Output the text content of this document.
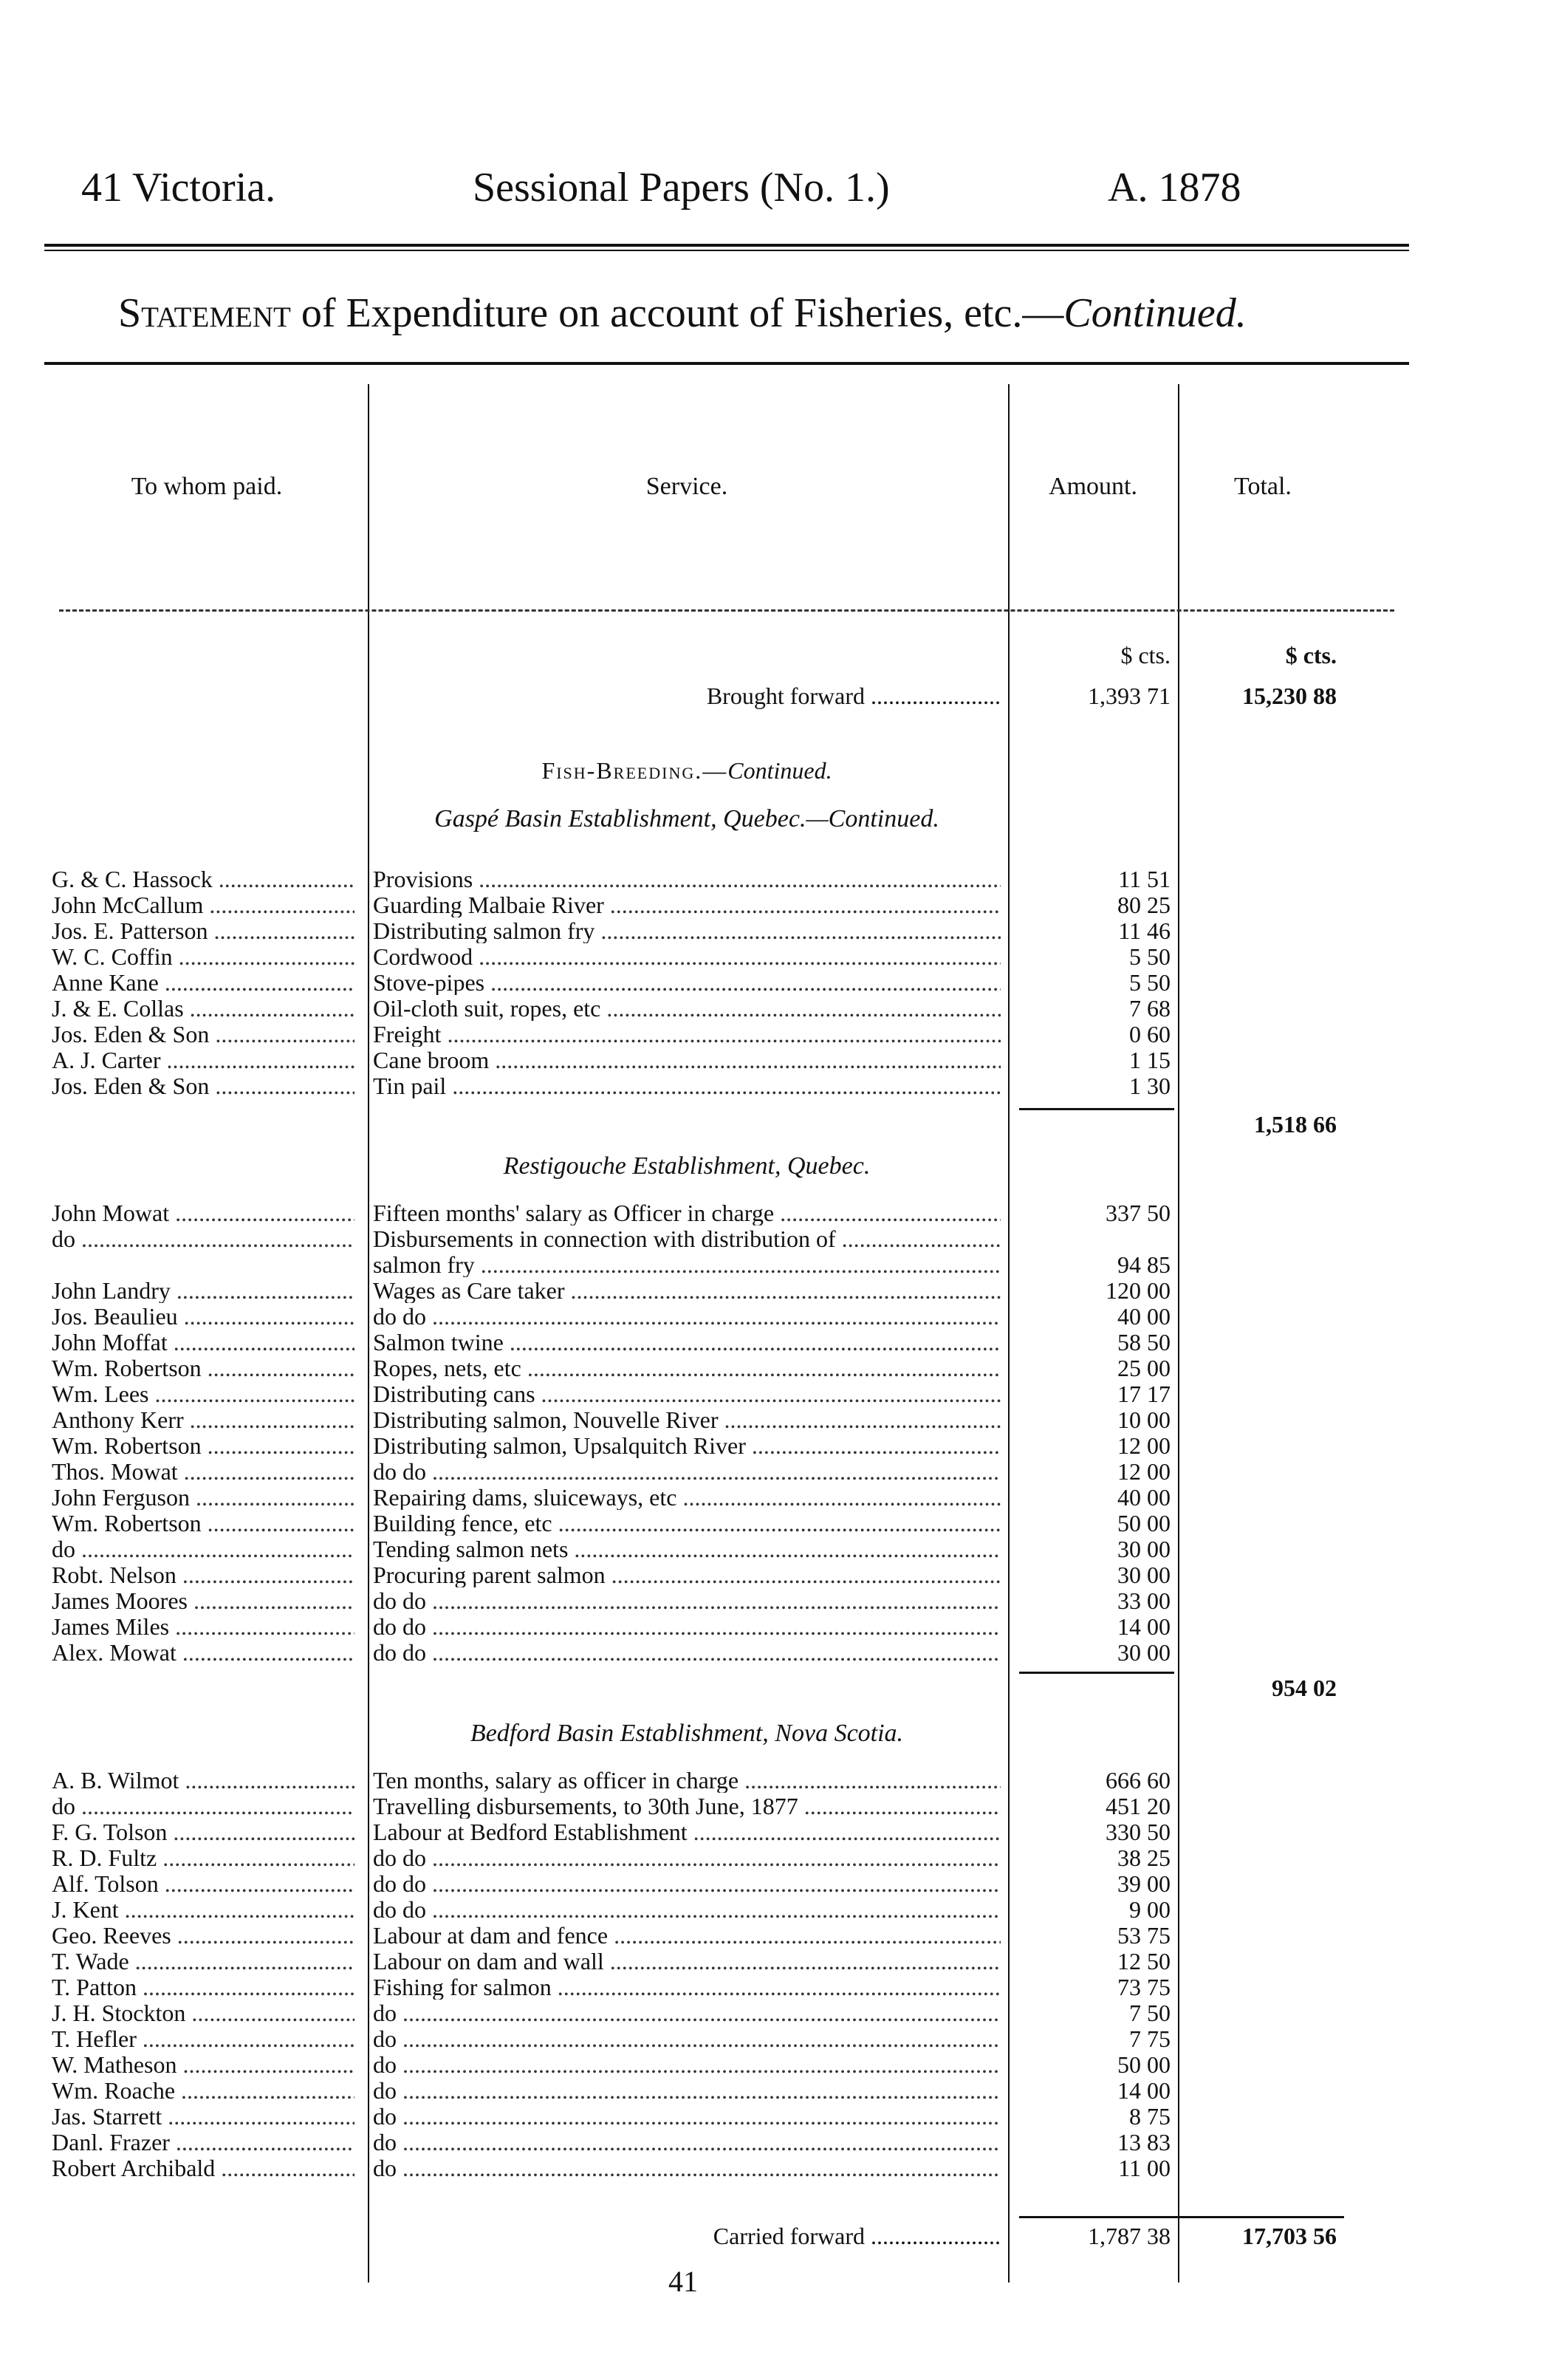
41 Victoria.	Sessional Papers (No. 1.)	A. 1878
Statement of Expenditure on account of Fisheries, etc.—Continued.
To whom paid.	Service.	Amount.	Total.
$ cts.	$ cts.
Brought forward ......................	1,393 71	15,230 88
Fish-Breeding.—Continued.
Gaspé Basin Establishment, Quebec.—Continued.
G. & C. Hassock .....	Provisions .....	11 51
John McCallum .....	Guarding Malbaie River .....	80 25
Jos. E. Patterson .....	Distributing salmon fry .....	11 46
W. C. Coffin .....	Cordwood .....	5 50
Anne Kane .....	Stove-pipes .....	5 50
J. & E. Collas .....	Oil-cloth suit, ropes, etc .....	7 68
Jos. Eden & Son .....	Freight .....	0 60
A. J. Carter .....	Cane broom .....	1 15
Jos. Eden & Son .....	Tin pail .....	1 30
1,518 66
Restigouche Establishment, Quebec.
John Mowat .....	Fifteen months' salary as Officer in charge .....	337 50
do .....	Disbursements in connection with distribution of .....
salmon fry .....	94 85
John Landry .....	Wages as Care taker .....	120 00
Jos. Beaulieu .....	do do .....	40 00
John Moffat .....	Salmon twine .....	58 50
Wm. Robertson .....	Ropes, nets, etc .....	25 00
Wm. Lees .....	Distributing cans .....	17 17
Anthony Kerr .....	Distributing salmon, Nouvelle River .....	10 00
Wm. Robertson .....	Distributing salmon, Upsalquitch River .....	12 00
Thos. Mowat .....	do do .....	12 00
John Ferguson .....	Repairing dams, sluiceways, etc .....	40 00
Wm. Robertson .....	Building fence, etc .....	50 00
do .....	Tending salmon nets .....	30 00
Robt. Nelson .....	Procuring parent salmon .....	30 00
James Moores .....	do do .....	33 00
James Miles .....	do do .....	14 00
Alex. Mowat .....	do do .....	30 00
954 02
Bedford Basin Establishment, Nova Scotia.
A. B. Wilmot .....	Ten months, salary as officer in charge .....	666 60
do .....	Travelling disbursements, to 30th June, 1877 .....	451 20
F. G. Tolson .....	Labour at Bedford Establishment .....	330 50
R. D. Fultz .....	do do .....	38 25
Alf. Tolson .....	do do .....	39 00
J. Kent .....	do do .....	9 00
Geo. Reeves .....	Labour at dam and fence .....	53 75
T. Wade .....	Labour on dam and wall .....	12 50
T. Patton .....	Fishing for salmon .....	73 75
J. H. Stockton .....	do .....	7 50
T. Hefler .....	do .....	7 75
W. Matheson .....	do .....	50 00
Wm. Roache .....	do .....	14 00
Jas. Starrett .....	do .....	8 75
Danl. Frazer .....	do .....	13 83
Robert Archibald .....	do .....	11 00
Carried forward ......................	1,787 38	17,703 56
41
